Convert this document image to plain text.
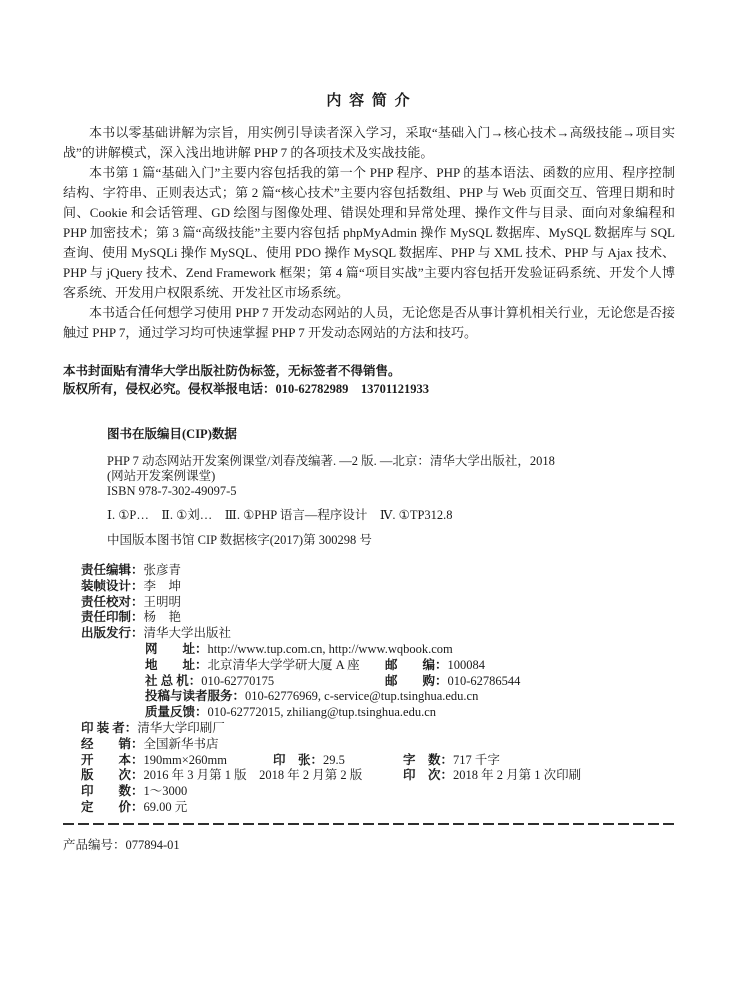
内 容 简 介

本书以零基础讲解为宗旨，用实例引导读者深入学习，采取“基础入门→核心技术→高级技能→项目实战”的讲解模式，深入浅出地讲解 PHP 7 的各项技术及实战技能。

本书第 1 篇“基础入门”主要内容包括我的第一个 PHP 程序、PHP 的基本语法、函数的应用、程序控制结构、字符串、正则表达式；第 2 篇“核心技术”主要内容包括数组、PHP 与 Web 页面交互、管理日期和时间、Cookie 和会话管理、GD 绘图与图像处理、错误处理和异常处理、操作文件与目录、面向对象编程和 PHP 加密技术；第 3 篇“高级技能”主要内容包括 phpMyAdmin 操作 MySQL 数据库、MySQL 数据库与 SQL 查询、使用 MySQLi 操作 MySQL、使用 PDO 操作 MySQL 数据库、PHP 与 XML 技术、PHP 与 Ajax 技术、PHP 与 jQuery 技术、Zend Framework 框架；第 4 篇“项目实战”主要内容包括开发验证码系统、开发个人博客系统、开发用户权限系统、开发社区市场系统。

本书适合任何想学习使用 PHP 7 开发动态网站的人员，无论您是否从事计算机相关行业，无论您是否接触过 PHP 7，通过学习均可快速掌握 PHP 7 开发动态网站的方法和技巧。

本书封面贴有清华大学出版社防伪标签，无标签者不得销售。
版权所有，侵权必究。侵权举报电话：010-62782989　13701121933
图书在版编目(CIP)数据
PHP 7 动态网站开发案例课堂/刘春茂编著. —2 版. —北京：清华大学出版社，2018
(网站开发案例课堂)
ISBN 978-7-302-49097-5
Ⅰ. ①P…　Ⅱ. ①刘…　Ⅲ. ①PHP 语言—程序设计　Ⅳ. ①TP312.8
中国版本图书馆 CIP 数据核字(2017)第 300298 号
责任编辑：张彦青
装帧设计：李　坤
责任校对：王明明
责任印制：杨　艳
出版发行：清华大学出版社
网　　址：http://www.tup.com.cn, http://www.wqbook.com
地　　址：北京清华大学学研大厦 A 座 邮　　编：100084
社 总 机：010-62770175	邮　　购：010-62786544
投稿与读者服务：010-62776969, c-service@tup.tsinghua.edu.cn
质量反馈：010-62772015, zhiliang@tup.tsinghua.edu.cn
印 装 者：清华大学印刷厂
经　　销：全国新华书店
开　　本：190mm×260mm	印　张：29.5	字　数：717 千字
版　　次：2016 年 3 月第 1 版　2018 年 2 月第 2 版	印　次：2018 年 2 月第 1 次印刷
印　　数：1～3000
定　　价：69.00 元
产品编号：077894-01
